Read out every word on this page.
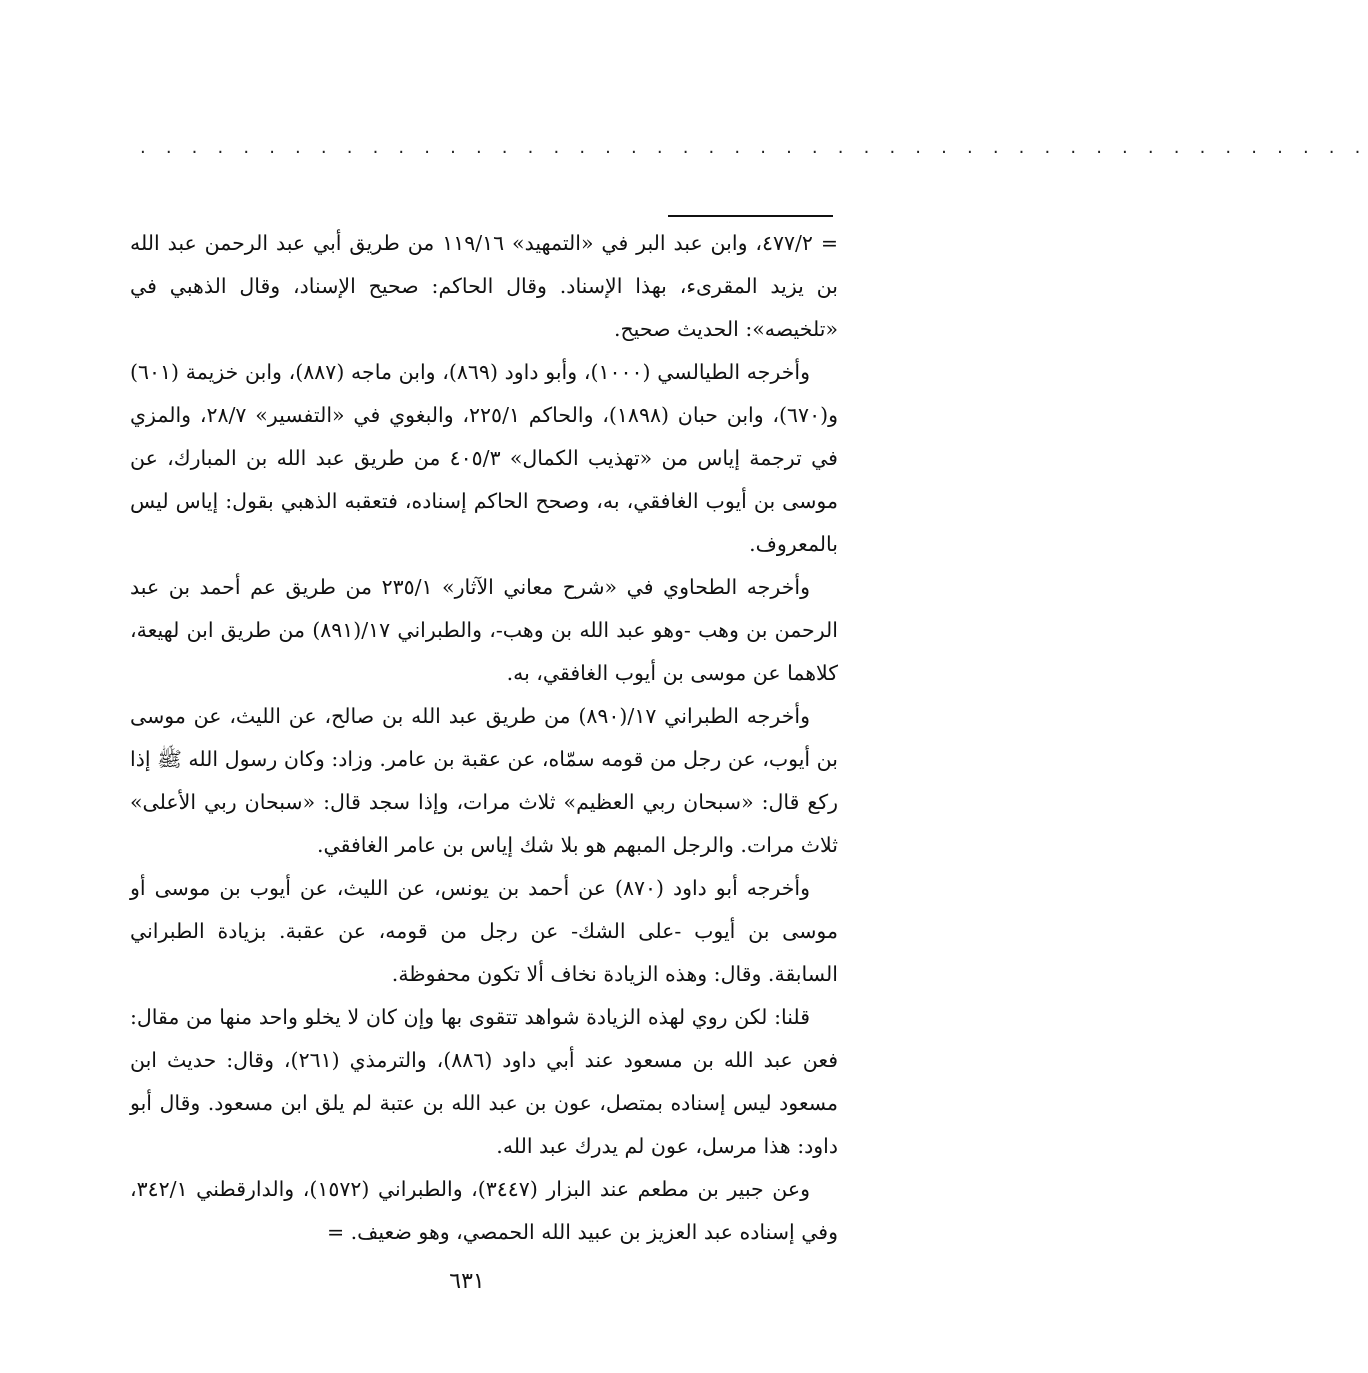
. . . . . . . . . . . . . . . . . . . . . . . . . . . . . . . . . . . . . . . . . . . . . . . .

= ٤٧٧/٢، وابن عبد البر في «التمهيد» ١١٩/١٦ من طريق أبي عبد الرحمن عبد الله بن يزيد المقرىء، بهذا الإسناد. وقال الحاكم: صحيح الإسناد، وقال الذهبي في «تلخيصه»: الحديث صحيح.

وأخرجه الطيالسي (١٠٠٠)، وأبو داود (٨٦٩)، وابن ماجه (٨٨٧)، وابن خزيمة (٦٠١) و(٦٧٠)، وابن حبان (١٨٩٨)، والحاكم ٢٢٥/١، والبغوي في «التفسير» ٢٨/٧، والمزي في ترجمة إياس من «تهذيب الكمال» ٤٠٥/٣ من طريق عبد الله بن المبارك، عن موسى بن أيوب الغافقي، به، وصحح الحاكم إسناده، فتعقبه الذهبي بقول: إياس ليس بالمعروف.

وأخرجه الطحاوي في «شرح معاني الآثار» ٢٣٥/١ من طريق عم أحمد بن عبد الرحمن بن وهب -وهو عبد الله بن وهب-، والطبراني ١٧/(٨٩١) من طريق ابن لهيعة، كلاهما عن موسى بن أيوب الغافقي، به.

وأخرجه الطبراني ١٧/(٨٩٠) من طريق عبد الله بن صالح، عن الليث، عن موسى بن أيوب، عن رجل من قومه سمّاه، عن عقبة بن عامر. وزاد: وكان رسول الله ﷺ إذا ركع قال: «سبحان ربي العظيم» ثلاث مرات، وإذا سجد قال: «سبحان ربي الأعلى» ثلاث مرات. والرجل المبهم هو بلا شك إياس بن عامر الغافقي.

وأخرجه أبو داود (٨٧٠) عن أحمد بن يونس، عن الليث، عن أيوب بن موسى أو موسى بن أيوب -على الشك- عن رجل من قومه، عن عقبة. بزيادة الطبراني السابقة. وقال: وهذه الزيادة نخاف ألا تكون محفوظة.

قلنا: لكن روي لهذه الزيادة شواهد تتقوى بها وإن كان لا يخلو واحد منها من مقال: فعن عبد الله بن مسعود عند أبي داود (٨٨٦)، والترمذي (٢٦١)، وقال: حديث ابن مسعود ليس إسناده بمتصل، عون بن عبد الله بن عتبة لم يلق ابن مسعود. وقال أبو داود: هذا مرسل، عون لم يدرك عبد الله.

وعن جبير بن مطعم عند البزار (٣٤٤٧)، والطبراني (١٥٧٢)، والدارقطني ٣٤٢/١، وفي إسناده عبد العزيز بن عبيد الله الحمصي، وهو ضعيف. =

٦٣١
